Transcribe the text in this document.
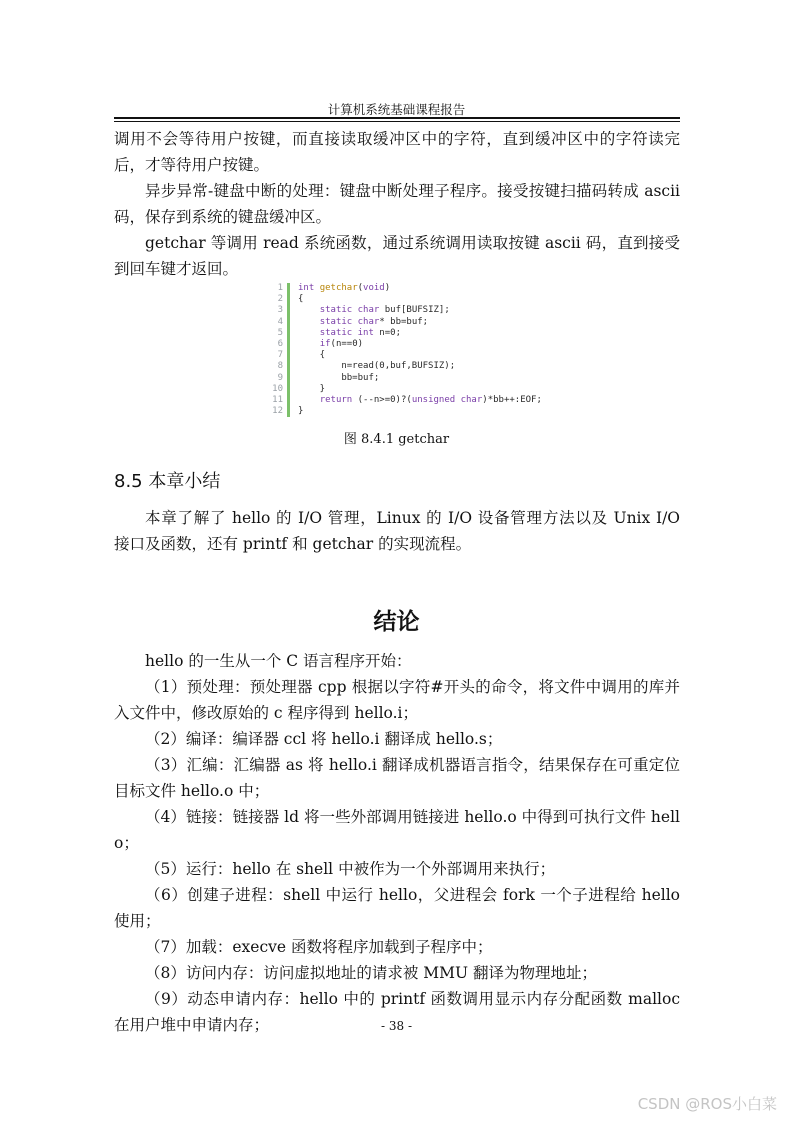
计算机系统基础课程报告
调用不会等待用户按键，而直接读取缓冲区中的字符，直到缓冲区中的字符读完后，才等待用户按键。
异步异常-键盘中断的处理：键盘中断处理子程序。接受按键扫描码转成 ascii 码，保存到系统的键盘缓冲区。
getchar 等调用 read 系统函数，通过系统调用读取按键 ascii 码，直到接受到回车键才返回。
1	int getchar(void)
2	{
3	static char buf[BUFSIZ];
4	static char* bb=buf;
5	static int n=0;
6	if(n==0)
7	{
8	n=read(0,buf,BUFSIZ);
9	bb=buf;
10	}
11	return (--n>=0)?(unsigned char)*bb++:EOF;
12	}
图 8.4.1 getchar
8.5 本章小结
本章了解了 hello 的 I/O 管理，Linux 的 I/O 设备管理方法以及 Unix I/O 接口及函数，还有 printf 和 getchar 的实现流程。
结论
hello 的一生从一个 C 语言程序开始：
（1）预处理：预处理器 cpp 根据以字符#开头的命令，将文件中调用的库并入文件中，修改原始的 c 程序得到 hello.i；
（2）编译：编译器 ccl 将 hello.i 翻译成 hello.s；
（3）汇编：汇编器 as 将 hello.i 翻译成机器语言指令，结果保存在可重定位目标文件 hello.o 中；
（4）链接：链接器 ld 将一些外部调用链接进 hello.o 中得到可执行文件 hello；
（5）运行：hello 在 shell 中被作为一个外部调用来执行；
（6）创建子进程：shell 中运行 hello，父进程会 fork 一个子进程给 hello 使用；
（7）加载：execve 函数将程序加载到子程序中；
（8）访问内存：访问虚拟地址的请求被 MMU 翻译为物理地址；
（9）动态申请内存：hello 中的 printf 函数调用显示内存分配函数 malloc 在用户堆中申请内存；	- 38 -
CSDN @ROS小白菜
